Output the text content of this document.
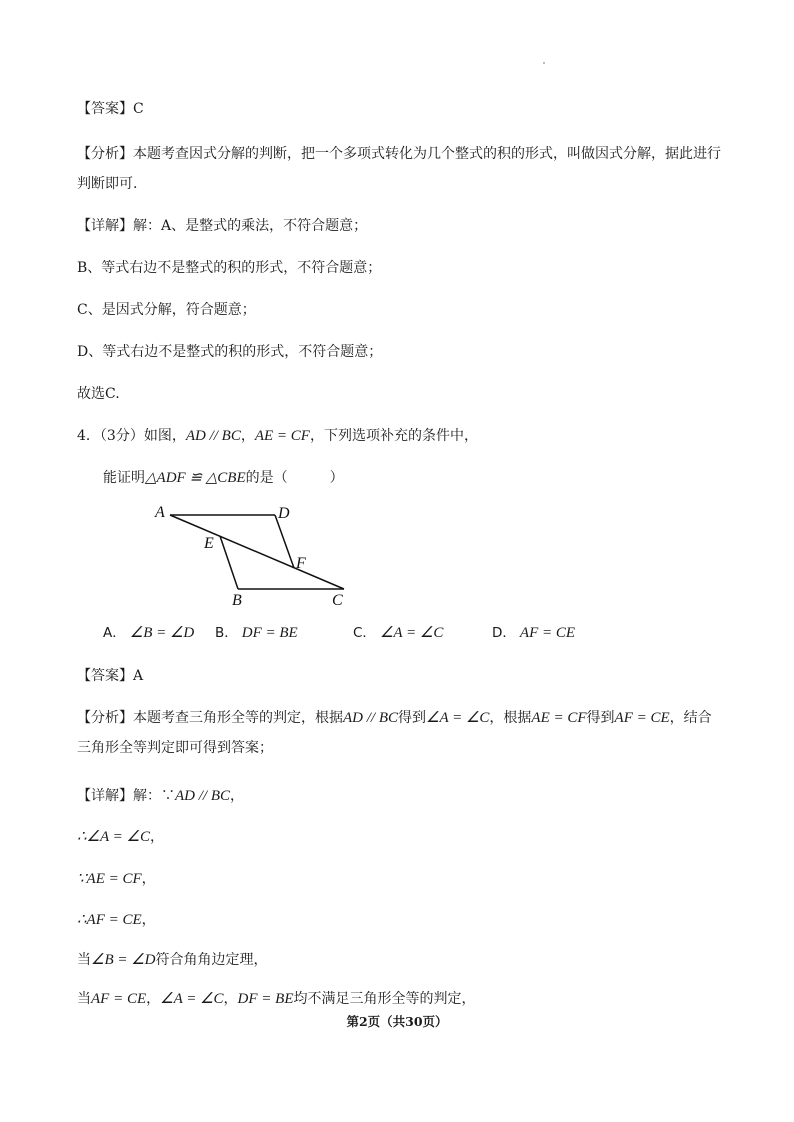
【答案】C
【分析】本题考查因式分解的判断，把一个多项式转化为几个整式的积的形式，叫做因式分解，据此进行
判断即可.
【详解】解：A、是整式的乘法，不符合题意；
B、等式右边不是整式的积的形式，不符合题意；
C、是因式分解，符合题意；
D、等式右边不是整式的积的形式，不符合题意；
故选C.
4．（3分）如图，AD // BC，AE = CF，下列选项补充的条件中，
能证明△ADF ≌ △CBE的是（　　　）
A	D
E
F
B	C
A． ∠B = ∠D B． DF = BE	C． ∠A = ∠C	D． AF = CE
【答案】A
【分析】本题考查三角形全等的判定，根据AD // BC得到∠A = ∠C，根据AE = CF得到AF = CE，结合
三角形全等判定即可得到答案；
【详解】解：∵AD // BC，
∴∠A = ∠C，
∵AE = CF，
∴AF = CE，
当∠B = ∠D符合角角边定理，
当AF = CE，∠A = ∠C，DF = BE均不满足三角形全等的判定，
第2页（共30页）
